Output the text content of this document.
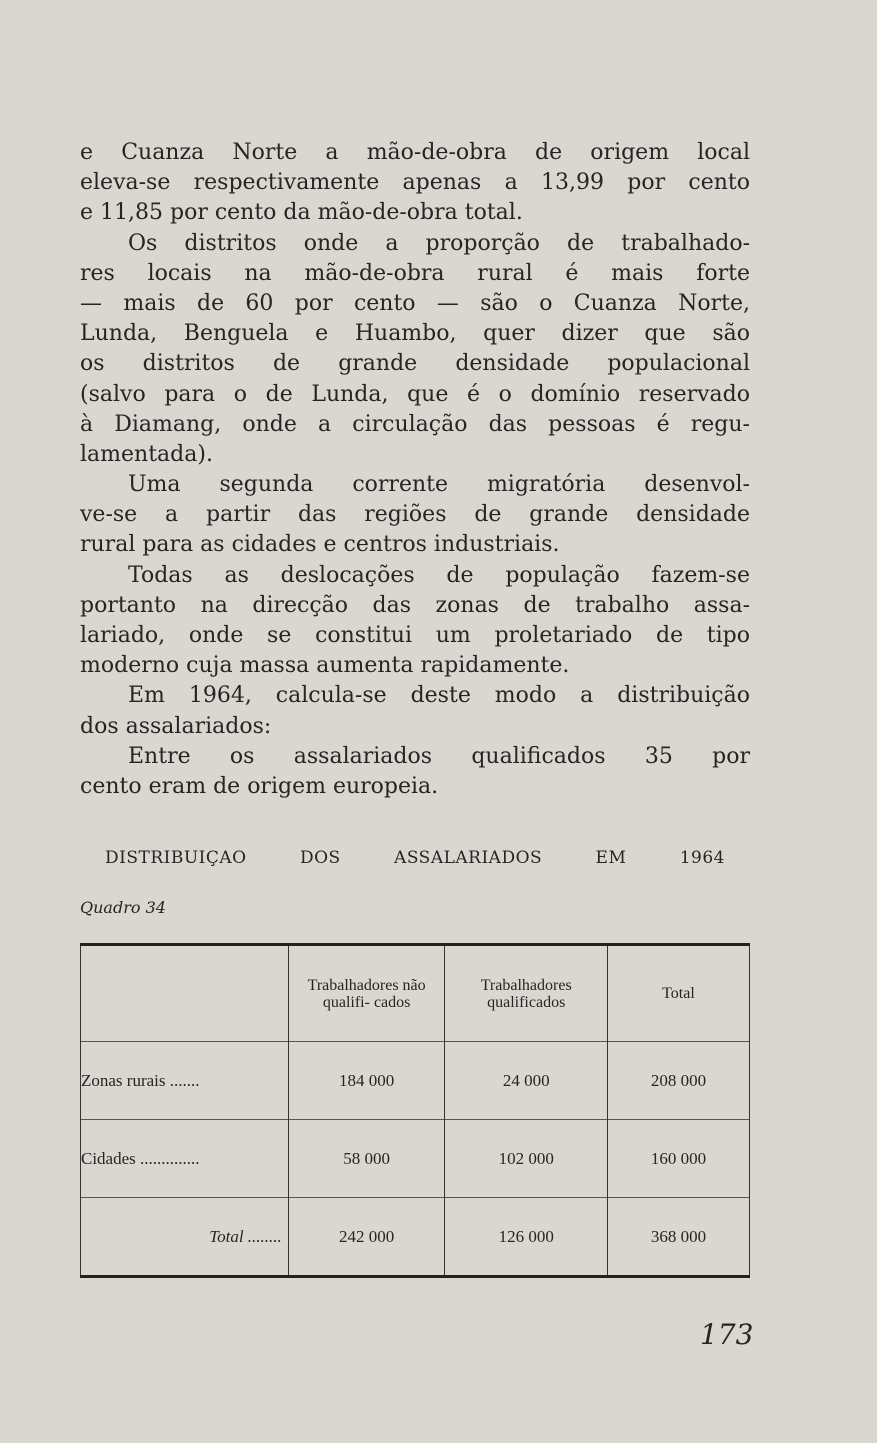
e Cuanza Norte a mão-de-obra de origem local
eleva-se respectivamente apenas a 13,99 por cento
e 11,85 por cento da mão-de-obra total.
Os distritos onde a proporção de trabalhado-
res locais na mão-de-obra rural é mais forte
— mais de 60 por cento — são o Cuanza Norte,
Lunda, Benguela e Huambo, quer dizer que são
os distritos de grande densidade populacional
(salvo para o de Lunda, que é o domínio reservado
à Diamang, onde a circulação das pessoas é regu-
lamentada).
Uma segunda corrente migratória desenvol-
ve-se a partir das regiões de grande densidade
rural para as cidades e centros industriais.
Todas as deslocações de população fazem-se
portanto na direcção das zonas de trabalho assa-
lariado, onde se constitui um proletariado de tipo
moderno cuja massa aumenta rapidamente.
Em 1964, calcula-se deste modo a distribuição
dos assalariados:
Entre os assalariados qualificados 35 por
cento eram de origem europeia.
DISTRIBUIÇAO DOS ASSALARIADOS EM 1964
Quadro 34
	Trabalhadores não qualifi- cados	Trabalhadores qualificados	Total
Zonas rurais .......	184 000	24 000	208 000
Cidades ..............	58 000	102 000	160 000
Total ........	242 000	126 000	368 000
173
